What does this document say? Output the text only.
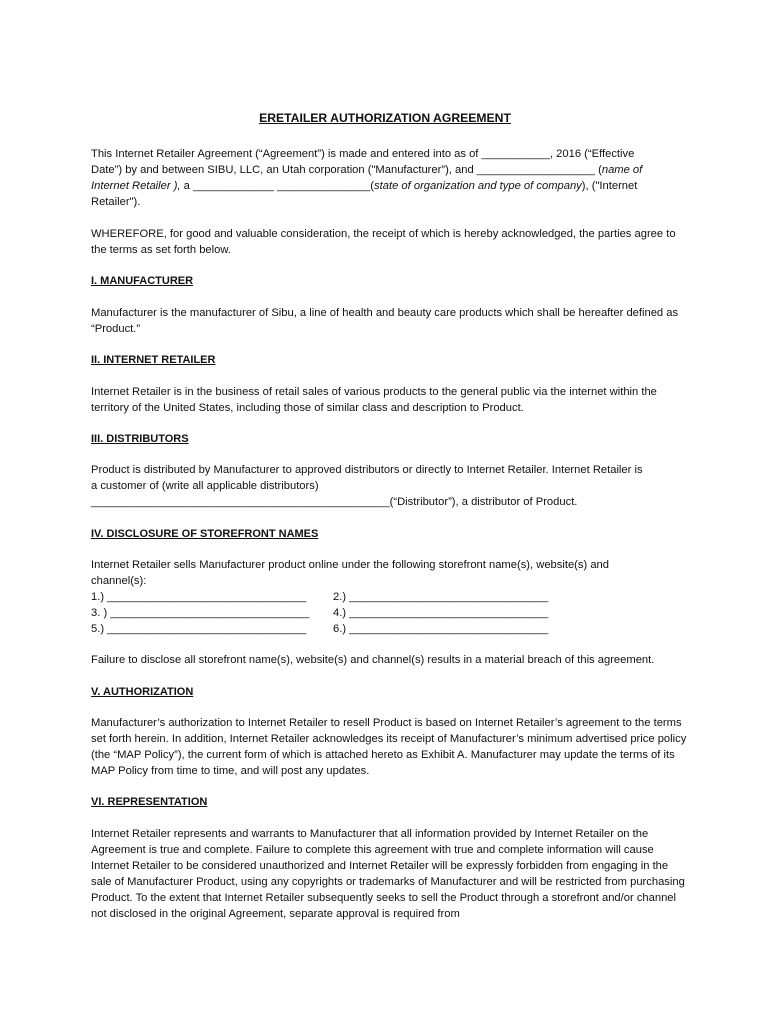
ERETAILER AUTHORIZATION AGREEMENT
This Internet Retailer Agreement (“Agreement”) is made and entered into as of ___________, 2016 (“Effective
Date”) by and between SIBU, LLC, an Utah corporation ("Manufacturer”), and ___________________ (name of
Internet Retailer ), a _____________ _______________(state of organization and type of company), ("Internet
Retailer").

WHEREFORE, for good and valuable consideration, the receipt of which is hereby acknowledged, the parties agree to the terms as set forth below.

I. MANUFACTURER

Manufacturer is the manufacturer of Sibu, a line of health and beauty care products which shall be hereafter defined as “Product.”

II. INTERNET RETAILER

Internet Retailer is in the business of retail sales of various products to the general public via the internet within the territory of the United States, including those of similar class and description to Product.

III. DISTRIBUTORS
Product is distributed by Manufacturer to approved distributors or directly to Internet Retailer. Internet Retailer is
a customer of (write all applicable distributors)
________________________________________________(“Distributor”), a distributor of Product.
IV. DISCLOSURE OF STOREFRONT NAMES
Internet Retailer sells Manufacturer product online under the following storefront name(s), website(s) and
channel(s):
1.) ________________________________ 2.) ________________________________
3. ) ________________________________ 4.) ________________________________
5.) ________________________________ 6.) ________________________________

Failure to disclose all storefront name(s), website(s) and channel(s) results in a material breach of this agreement.

V. AUTHORIZATION

Manufacturer’s authorization to Internet Retailer to resell Product is based on Internet Retailer’s agreement to the terms set forth herein. In addition, Internet Retailer acknowledges its receipt of Manufacturer’s minimum advertised price policy (the “MAP Policy”), the current form of which is attached hereto as Exhibit A. Manufacturer may update the terms of its MAP Policy from time to time, and will post any updates.

VI. REPRESENTATION

Internet Retailer represents and warrants to Manufacturer that all information provided by Internet Retailer on the Agreement is true and complete. Failure to complete this agreement with true and complete information will cause Internet Retailer to be considered unauthorized and Internet Retailer will be expressly forbidden from engaging in the sale of Manufacturer Product, using any copyrights or trademarks of Manufacturer and will be restricted from purchasing Product. To the extent that Internet Retailer subsequently seeks to sell the Product through a storefront and/or channel not disclosed in the original Agreement, separate approval is required from
